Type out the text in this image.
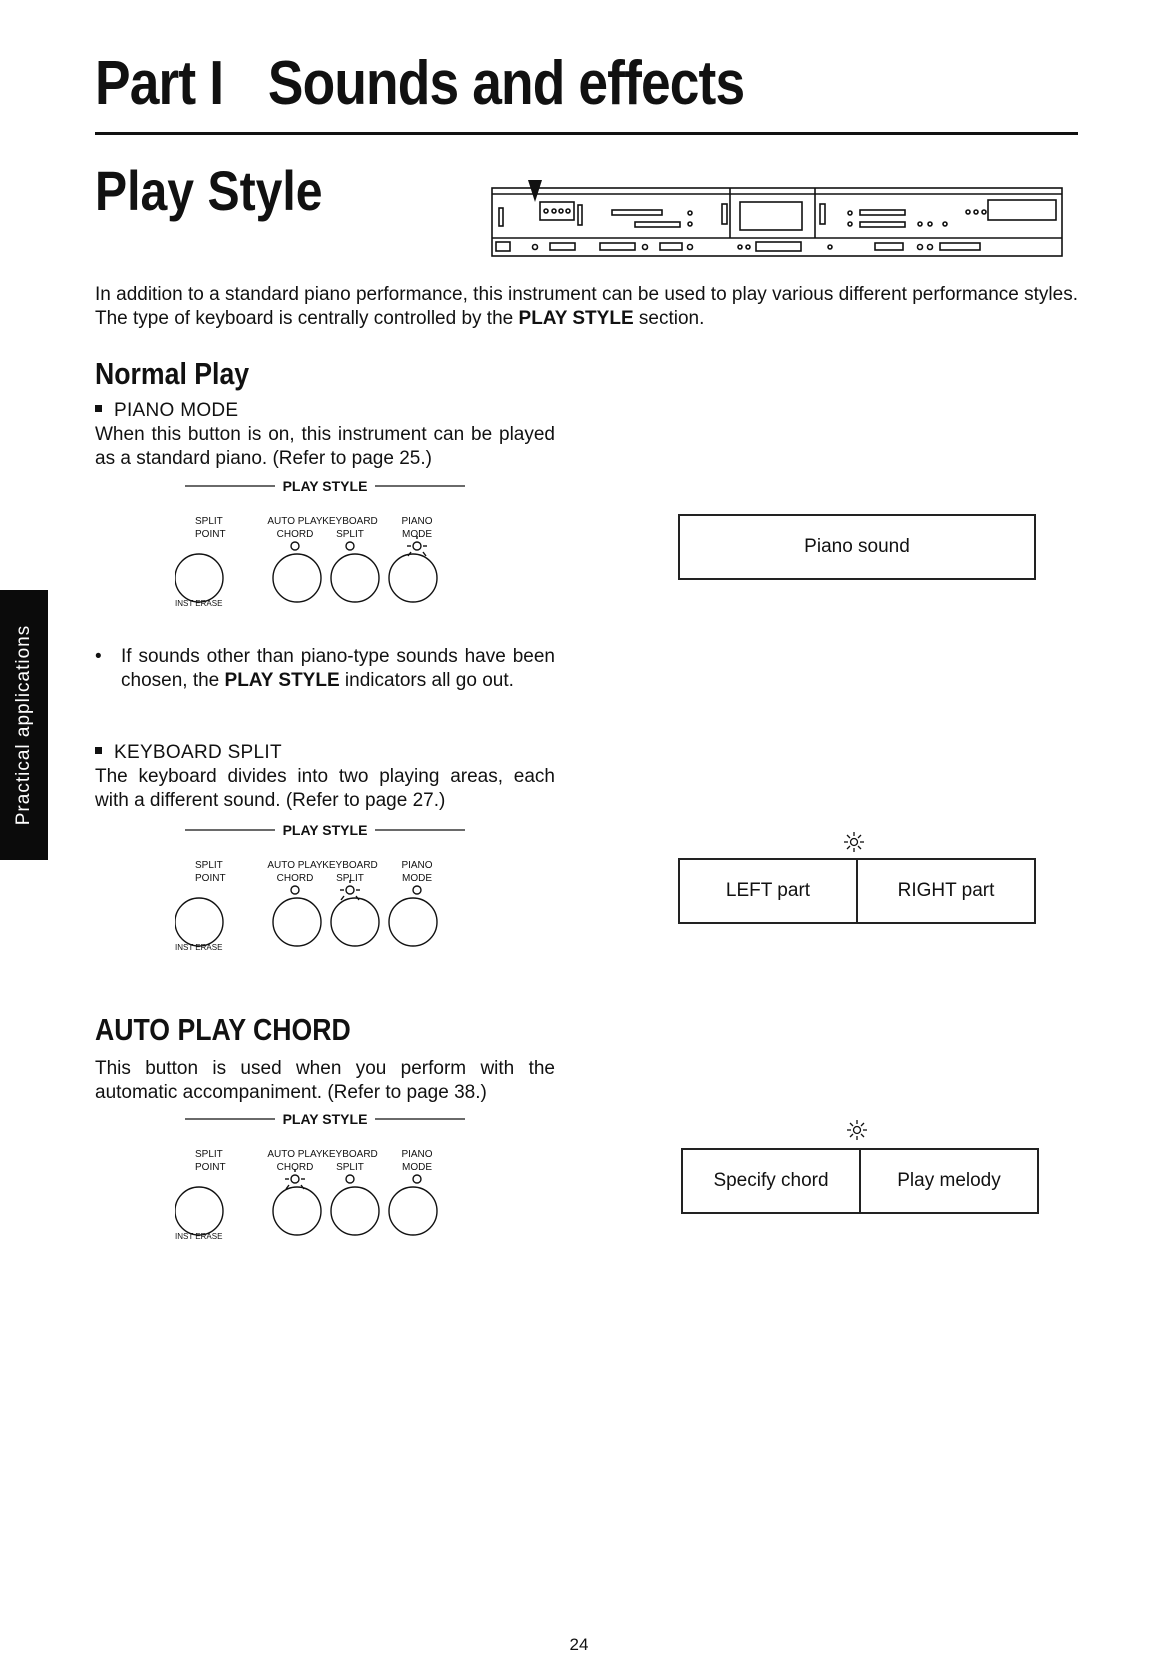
Part I Sounds and effects
Play Style
In addition to a standard piano performance, this instrument can be used to play various different performance styles. The type of keyboard is centrally controlled by the PLAY STYLE section.
Normal Play
PIANO MODE
When this button is on, this instrument can be played as a standard piano. (Refer to page 25.)
PLAY STYLE
SPLIT
POINT
AUTO PLAY
CHORD
KEYBOARD
SPLIT
PIANO
MODE
INST ERASE
Piano sound
Practical applications	• If sounds other than piano-type sounds have been chosen, the PLAY STYLE indicators all go out.
KEYBOARD SPLIT
The keyboard divides into two playing areas, each with a different sound. (Refer to page 27.)
PLAY STYLE
SPLIT
POINT
AUTO PLAY
CHORD
KEYBOARD
SPLIT
PIANO
MODE
INST ERASE
LEFT part	RIGHT part
AUTO PLAY CHORD
This button is used when you perform with the automatic accompaniment. (Refer to page 38.)
PLAY STYLE
SPLIT
POINT
AUTO PLAY
CHORD
KEYBOARD
SPLIT
PIANO
MODE
INST ERASE
Specify chord	Play melody
24
